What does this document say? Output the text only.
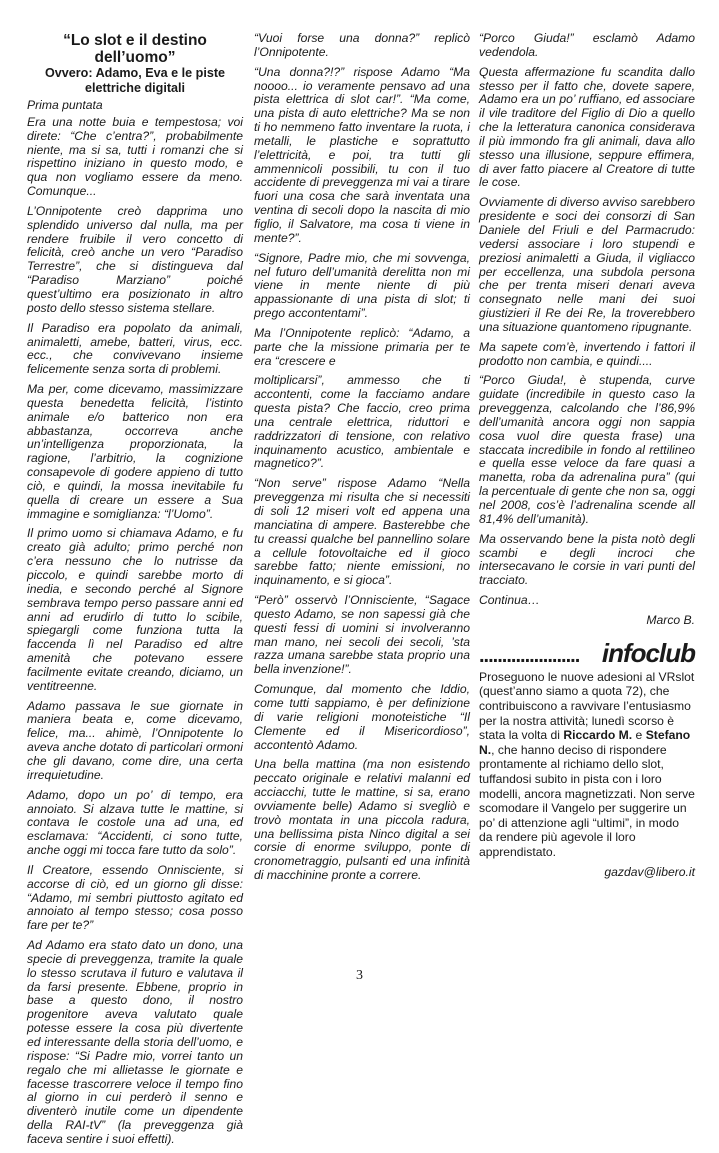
“Lo slot e il destino dell’uomo”
Ovvero: Adamo, Eva e le piste elettriche digitali

Prima puntata

Era una notte buia e tempestosa; voi direte: “Che c’entra?”, probabilmente niente, ma si sa, tutti i romanzi che si rispettino iniziano in questo modo, e qua non vogliamo essere da meno. Comunque...

L’Onnipotente creò dapprima uno splendido universo dal nulla, ma per rendere fruibile il vero concetto di felicità, creò anche un vero “Paradiso Terrestre”, che si distingueva dal “Paradiso Marziano” poiché quest’ultimo era posizionato in altro posto dello stesso sistema stellare.

Il Paradiso era popolato da animali, animaletti, amebe, batteri, virus, ecc. ecc., che convivevano insieme felicemente senza sorta di problemi.

Ma per, come dicevamo, massimizzare questa benedetta felicità, l’istinto animale e/o batterico non era abbastanza, occorreva anche un’intelligenza proporzionata, la ragione, l’arbitrio, la cognizione consapevole di godere appieno di tutto ciò, e quindi, la mossa inevitabile fu quella di creare un essere a Sua immagine e somiglianza: “l’Uomo”.

Il primo uomo si chiamava Adamo, e fu creato già adulto; primo perché non c’era nessuno che lo nutrisse da piccolo, e quindi sarebbe morto di inedia, e secondo perché al Signore sembrava tempo perso passare anni ed anni ad erudirlo di tutto lo scibile, spiegargli come funziona tutta la faccenda lì nel Paradiso ed altre amenità che potevano essere facilmente evitate creando, diciamo, un ventitreenne.

Adamo passava le sue giornate in maniera beata e, come dicevamo, felice, ma... ahimè, l’Onnipotente lo aveva anche dotato di particolari ormoni che gli davano, come dire, una certa irrequietudine.

Adamo, dopo un po’ di tempo, era annoiato. Si alzava tutte le mattine, si contava le costole una ad una, ed esclamava: “Accidenti, ci sono tutte, anche oggi mi tocca fare tutto da solo”.

Il Creatore, essendo Onnisciente, si accorse di ciò, ed un giorno gli disse: “Adamo, mi sembri piuttosto agitato ed annoiato al tempo stesso; cosa posso fare per te?”

Ad Adamo era stato dato un dono, una specie di preveggenza, tramite la quale lo stesso scrutava il futuro e valutava il da farsi presente. Ebbene, proprio in base a questo dono, il nostro progenitore aveva valutato quale potesse essere la cosa più divertente ed interessante della storia dell’uomo, e rispose: “Si Padre mio, vorrei tanto un regalo che mi allietasse le giornate e facesse trascorrere veloce il tempo fino al giorno in cui perderò il senno e diventerò inutile come un dipendente della RAI-tV” (la preveggenza già faceva sentire i suoi effetti).

“Vuoi forse una donna?” replicò l’Onnipotente.

“Una donna?!?” rispose Adamo “Ma noooo... io veramente pensavo ad una pista elettrica di slot car!”. “Ma come, una pista di auto elettriche? Ma se non ti ho nemmeno fatto inventare la ruota, i metalli, le plastiche e soprattutto l’elettricità, e poi, tra tutti gli ammennicoli possibili, tu con il tuo accidente di preveggenza mi vai a tirare fuori una cosa che sarà inventata una ventina di secoli dopo la nascita di mio figlio, il Salvatore, ma cosa ti viene in mente?”.

“Signore, Padre mio, che mi sovvenga, nel futuro dell’umanità derelitta non mi viene in mente niente di più appassionante di una pista di slot; ti prego accontentami”.

Ma l’Onnipotente replicò: “Adamo, a parte che la missione primaria per te era “crescere e

moltiplicarsi”, ammesso che ti accontenti, come la facciamo andare questa pista? Che faccio, creo prima una centrale elettrica, riduttori e raddrizzatori di tensione, con relativo inquinamento acustico, ambientale e magnetico?”.

“Non serve” rispose Adamo “Nella preveggenza mi risulta che si necessiti di soli 12 miseri volt ed appena una manciatina di ampere. Basterebbe che tu creassi qualche bel pannellino solare a cellule fotovoltaiche ed il gioco sarebbe fatto; niente emissioni, no inquinamento, e si gioca”.

“Però” osservò l’Onnisciente, “Sagace questo Adamo, se non sapessi già che questi fessi di uomini si involveranno man mano, nei secoli dei secoli, ’sta razza umana sarebbe stata proprio una bella invenzione!”.

Comunque, dal momento che Iddio, come tutti sappiamo, è per definizione di varie religioni monoteistiche “Il Clemente ed il Misericordioso”, accontentò Adamo.

Una bella mattina (ma non esistendo peccato originale e relativi malanni ed acciacchi, tutte le mattine, si sa, erano ovviamente belle) Adamo si svegliò e trovò montata in una piccola radura, una bellissima pista Ninco digital a sei corsie di enorme sviluppo, ponte di cronometraggio, pulsanti ed una infinità di macchinine pronte a correre.

“Porco Giuda!” esclamò Adamo vedendola.

Questa affermazione fu scandita dallo stesso per il fatto che, dovete sapere, Adamo era un po’ ruffiano, ed associare il vile traditore del Figlio di Dio a quello che la letteratura canonica considerava il più immondo fra gli animali, dava allo stesso una illusione, seppure effimera, di aver fatto piacere al Creatore di tutte le cose.

Ovviamente di diverso avviso sarebbero presidente e soci dei consorzi di San Daniele del Friuli e del Parmacrudo: vedersi associare i loro stupendi e preziosi animaletti a Giuda, il vigliacco per eccellenza, una subdola persona che per trenta miseri denari aveva consegnato nelle mani dei suoi giustizieri il Re dei Re, la troverebbero una situazione quantomeno ripugnante.

Ma sapete com’è, invertendo i fattori il prodotto non cambia, e quindi....

“Porco Giuda!, è stupenda, curve guidate (incredibile in questo caso la preveggenza, calcolando che l’86,9% dell’umanità ancora oggi non sappia cosa vuol dire questa frase) una staccata incredibile in fondo al rettilineo e quella esse veloce da fare quasi a manetta, roba da adrenalina pura” (qui la percentuale di gente che non sa, oggi nel 2008, cos’è l’adrenalina scende all 81,4% dell’umanità).

Ma osservando bene la pista notò degli scambi e degli incroci che intersecavano le corsie in vari punti del tracciato.

Continua…

Marco B.

...................... infoclub

Proseguono le nuove adesioni al VRslot (quest’anno siamo a quota 72), che contribuiscono a ravvivare l’entusiasmo per la nostra attività; lunedì scorso è stata la volta di Riccardo M. e Stefano N., che hanno deciso di rispondere prontamente al richiamo dello slot, tuffandosi subito in pista con i loro modelli, ancora magnetizzati. Non serve scomodare il Vangelo per suggerire un po’ di attenzione agli “ultimi”, in modo da rendere più agevole il loro apprendistato.

gazdav@libero.it

3
